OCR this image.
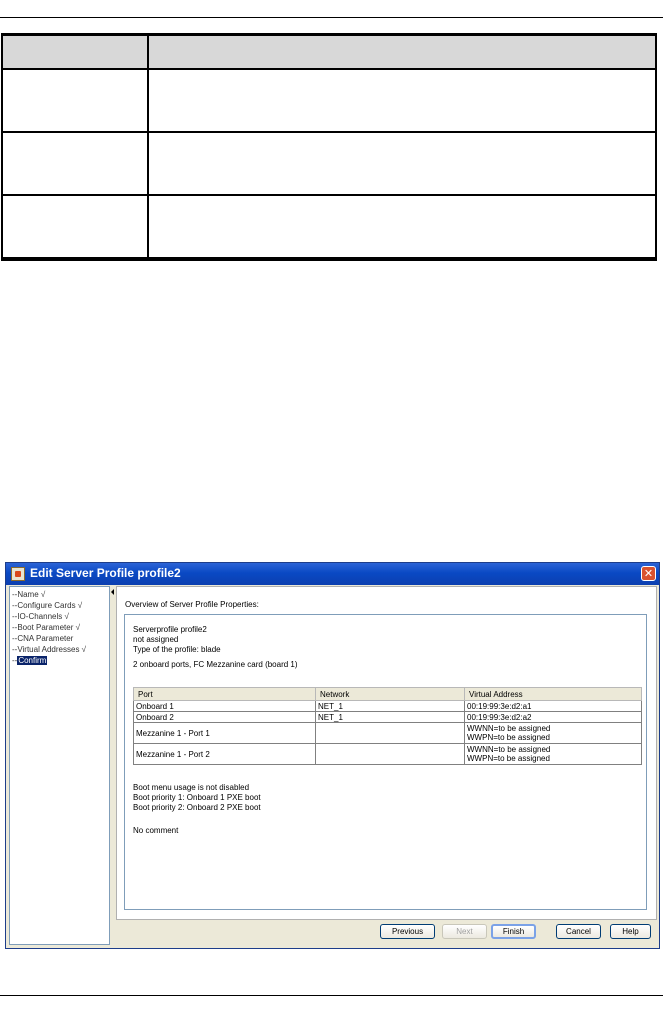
Edit Server Profile profile2	✕
--Name √
--Configure Cards √
--IO-Channels √
--Boot Parameter √
--CNA Parameter
--Virtual Addresses √
--Confirm
Overview of Server Profile Properties:
Serverprofile profile2
not assigned
Type of the profile: blade
2 onboard ports, FC Mezzanine card (board 1)
Port	Network	Virtual Address
Onboard 1	NET_1	00:19:99:3e:d2:a1
Onboard 2	NET_1	00:19:99:3e:d2:a2
Mezzanine 1 - Port 1		WWNN=to be assigned
WWPN=to be assigned

Mezzanine 1 - Port 2		WWNN=to be assigned
WWPN=to be assigned
Boot menu usage is not disabled
Boot priority 1: Onboard 1 PXE boot
Boot priority 2: Onboard 2 PXE boot
No comment
Previous	Next	Finish	Cancel	Help
